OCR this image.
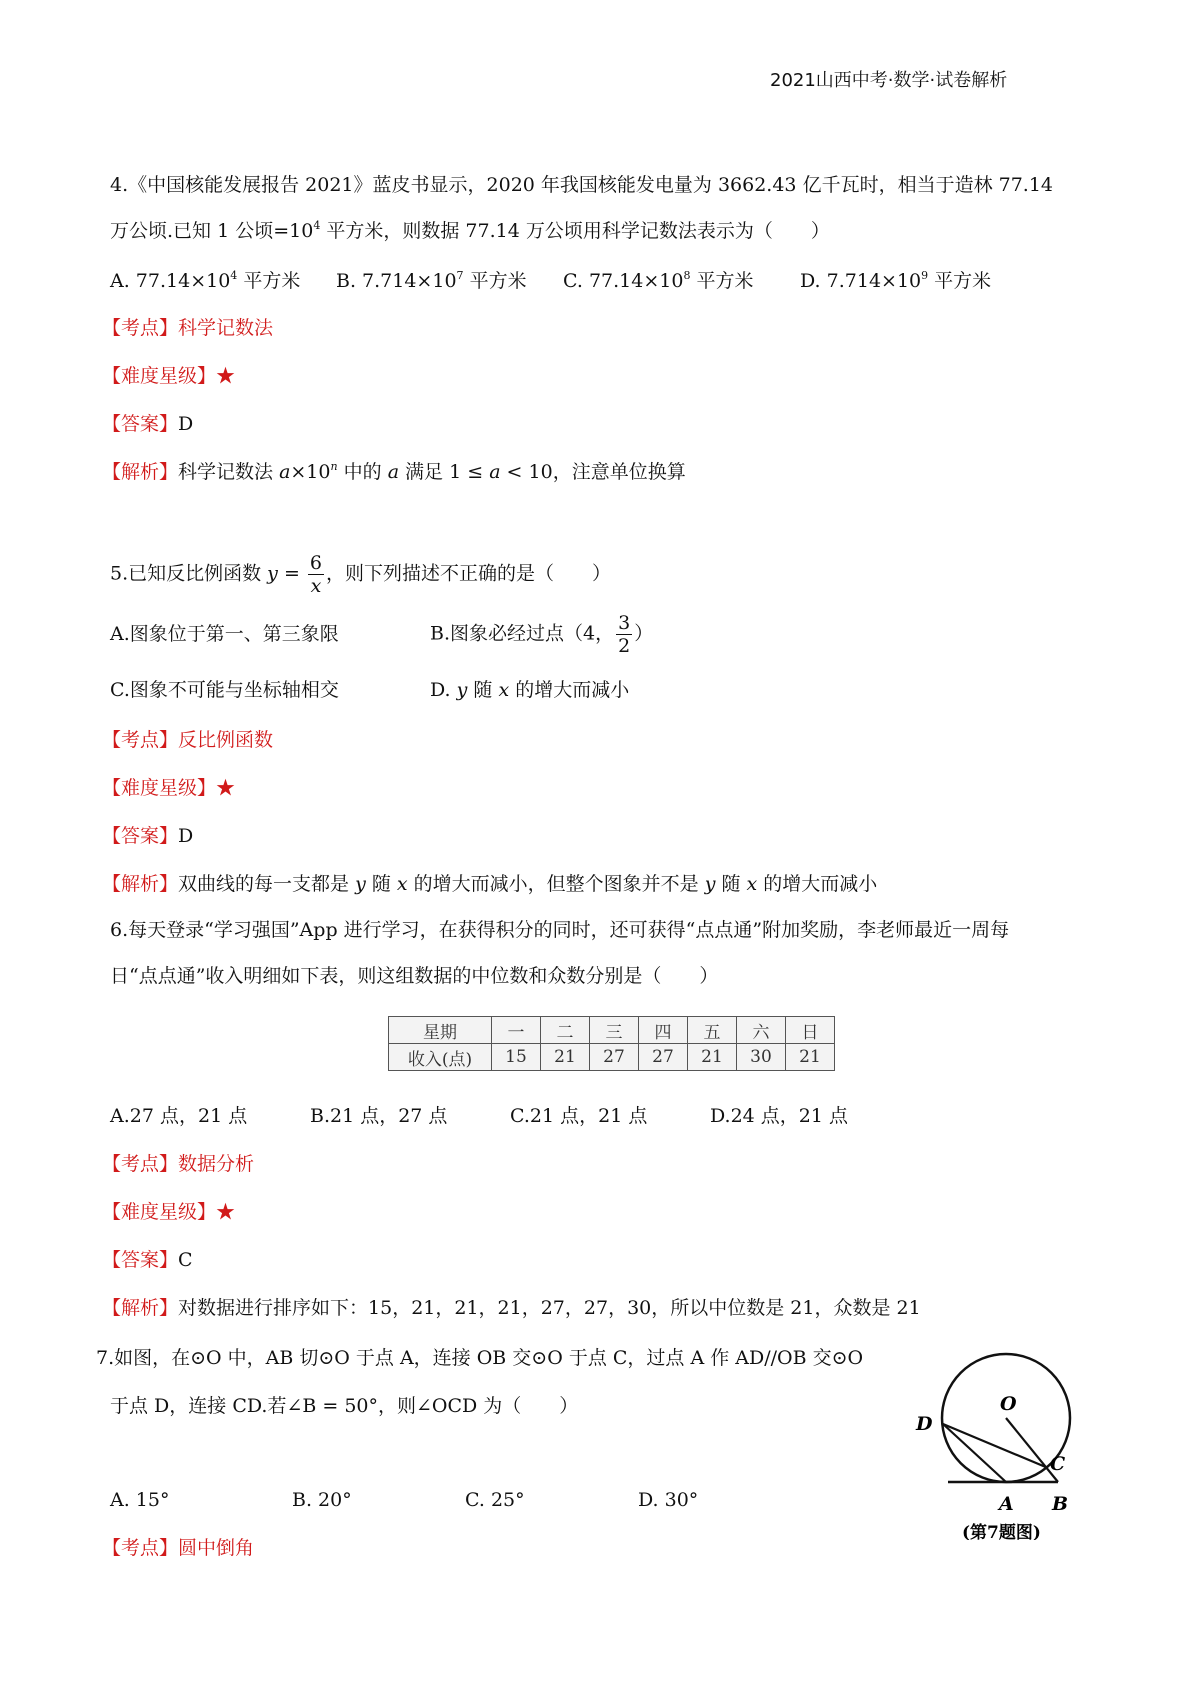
2021山西中考·数学·试卷解析
4.《中国核能发展报告 2021》蓝皮书显示，2020 年我国核能发电量为 3662.43 亿千瓦时，相当于造林 77.14
万公顷.已知 1 公顷$=10^4$ 平方米，则数据 77.14 万公顷用科学记数法表示为（　　）
A. $77.14\times 10^4$ 平方米 B. $7.714\times 10^7$ 平方米 C. $77.14\times 10^8$ 平方米 D. $7.714\times 10^9$ 平方米
【考点】科学记数法
【难度星级】★
【答案】D
【解析】科学记数法 $a\times 10^n$ 中的 a 满足 1 ≤ a < 10，注意单位换算
5.已知反比例函数 $y = \frac{6}{x}$ ，则下列描述不正确的是（　　）
A.图象位于第一、第三象限	B.图象必经过点（4， $\frac{3}{2}$ ）
C.图象不可能与坐标轴相交	D. y 随 x 的增大而减小
【考点】反比例函数
【难度星级】★
【答案】D
【解析】双曲线的每一支都是 y 随 x 的增大而减小，但整个图象并不是 y 随 x 的增大而减小
6.每天登录“学习强国”App 进行学习，在获得积分的同时，还可获得“点点通”附加奖励，李老师最近一周每
日“点点通”收入明细如下表，则这组数据的中位数和众数分别是（　　）
星期	一	二	三	四	五	六	日
收入(点)	15	21	27	27	21	30	21
A.27 点，21 点	B.21 点，27 点	C.21 点，21 点	D.24 点，21 点
【考点】数据分析
【难度星级】★
【答案】C
【解析】对数据进行排序如下：15，21，21，21，27，27，30，所以中位数是 21，众数是 21
7.如图，在⊙O 中，AB 切⊙O 于点 A，连接 OB 交⊙O 于点 C，过点 A 作 AD//OB 交⊙O
于点 D，连接 CD.若∠B = 50°，则∠OCD 为（　　）
A. 15°	B. 20°	C. 25°	D. 30°
【考点】圆中倒角
D
O
C
A B
(第7题图)
